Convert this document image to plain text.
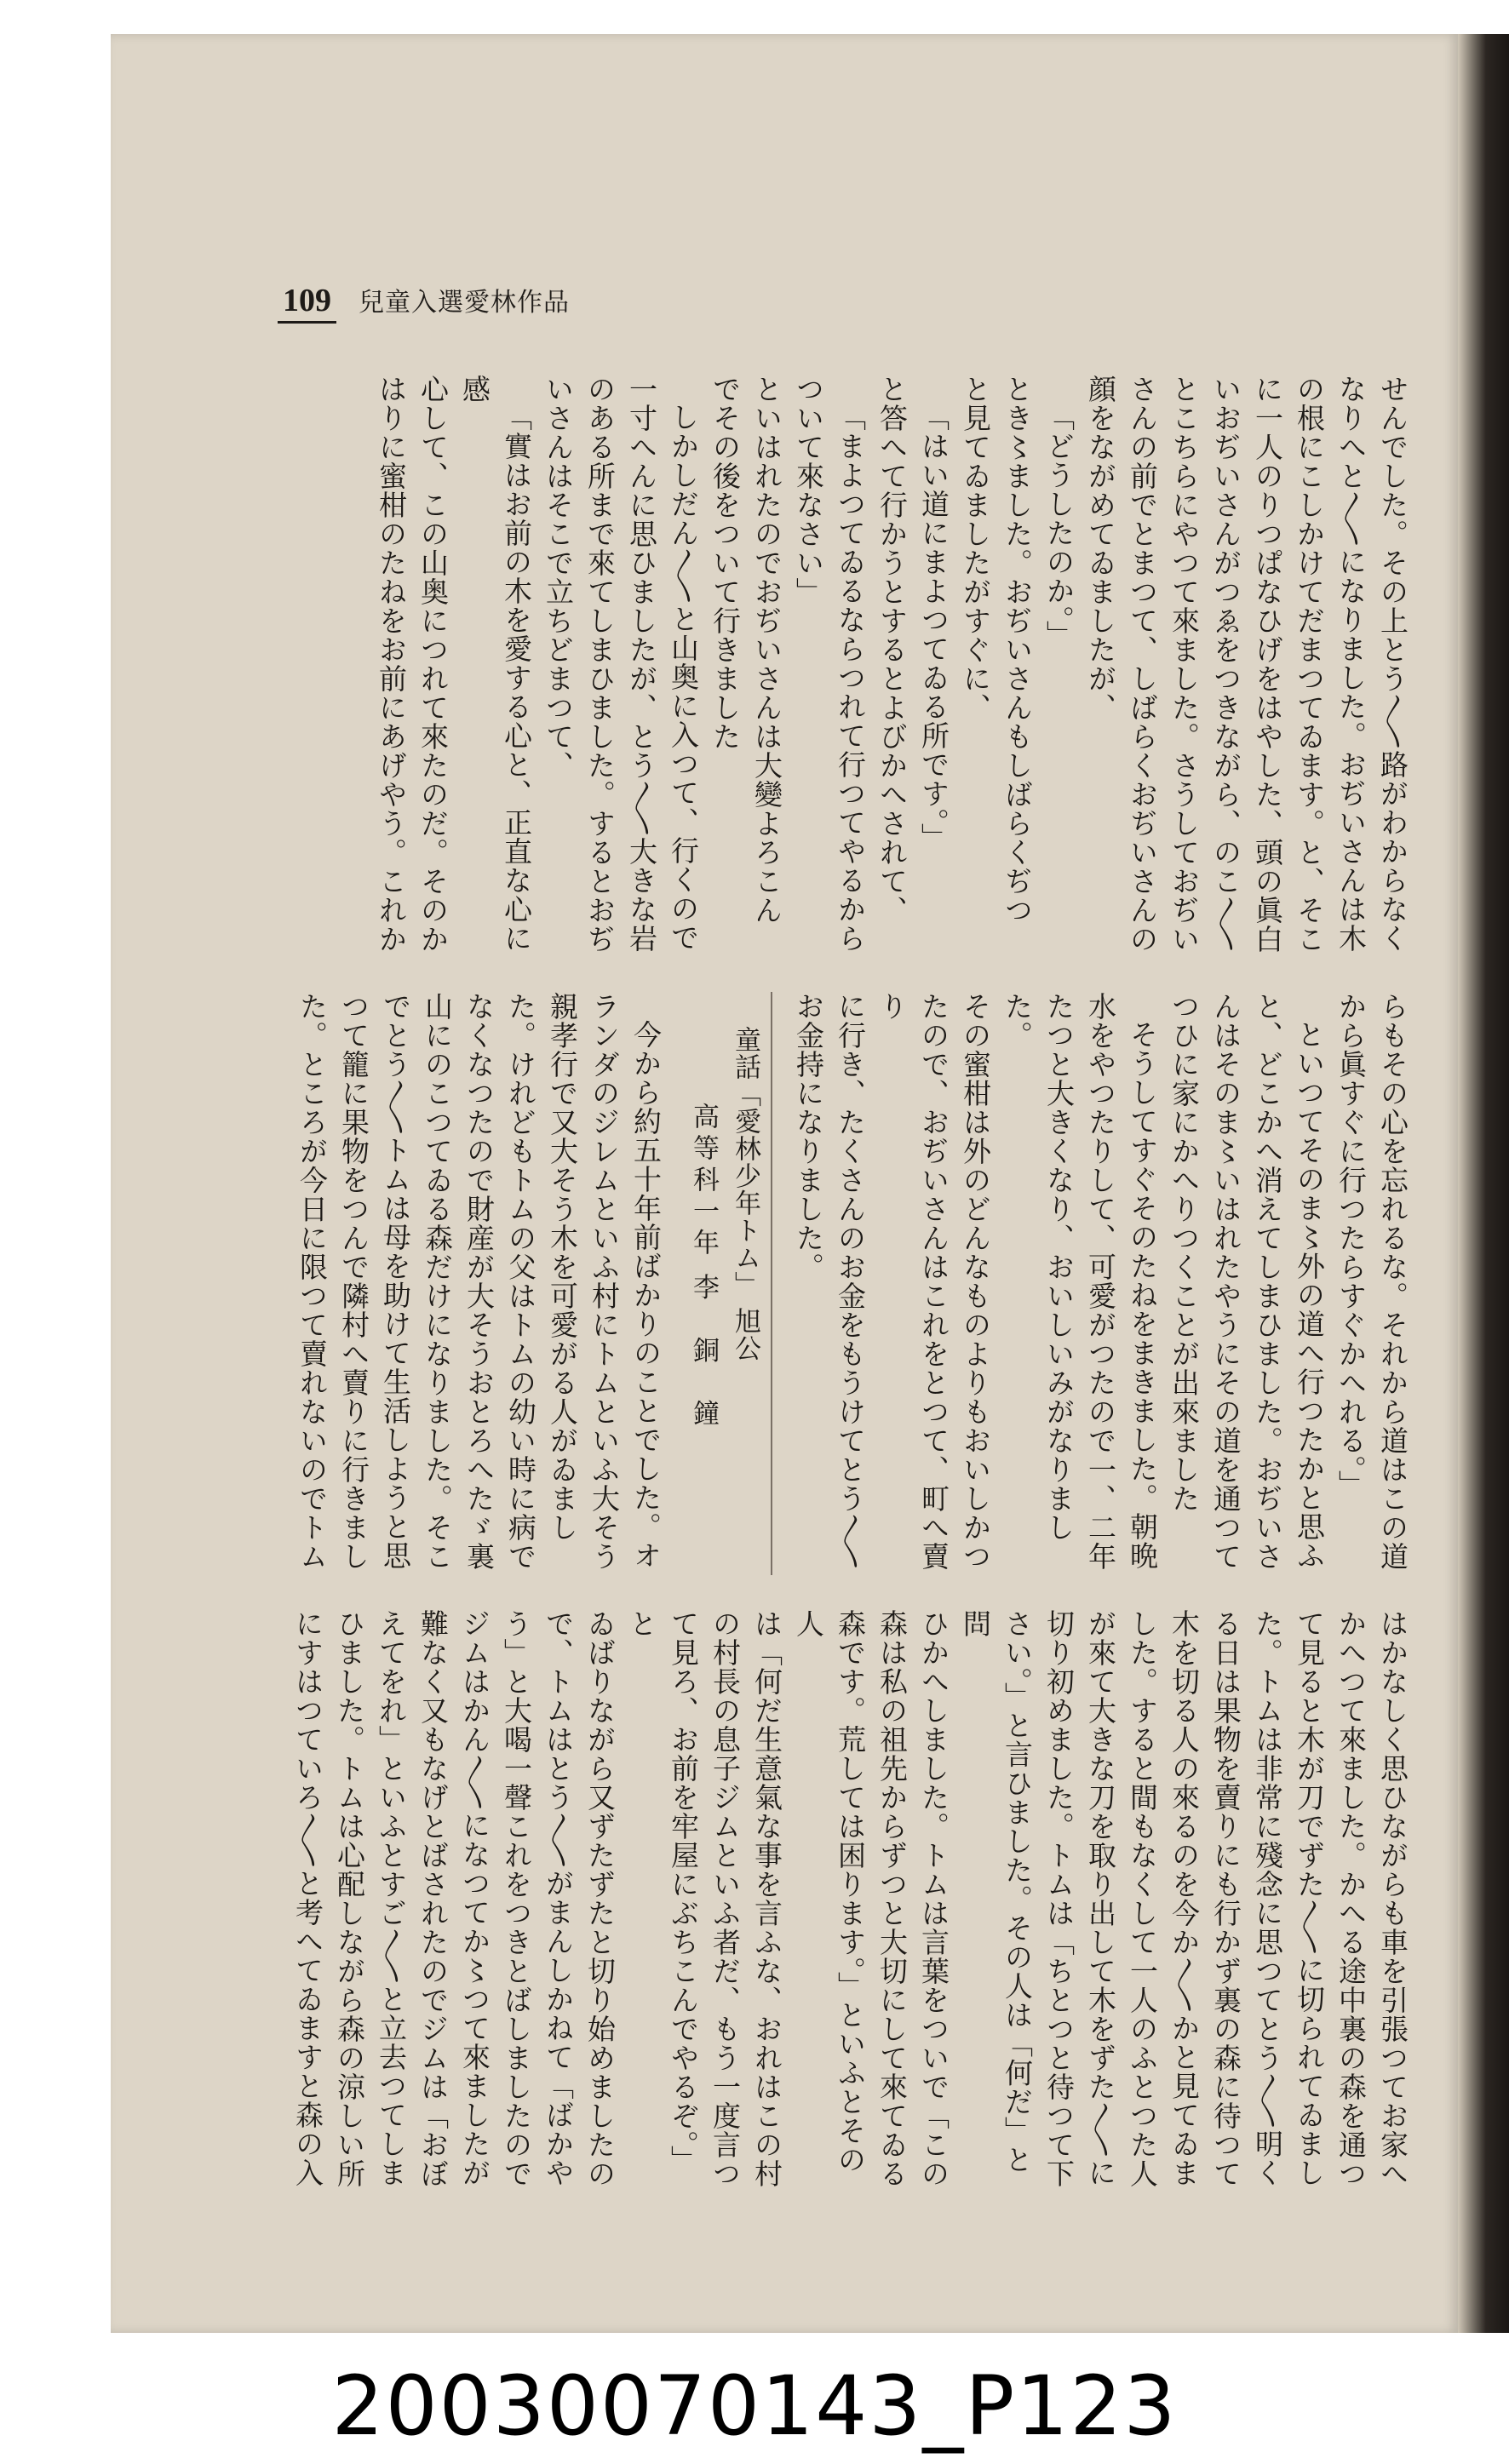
109 兒童入選愛林作品

せんでした。その上とう〳〵路がわからなく

なりへと〳〵になりました。おぢいさんは木

の根にこしかけてだまつてゐます。と、そこ

に一人のりつぱなひげをはやした、頭の眞白

いおぢいさんがつゑをつきながら、のこ〳〵

とこちらにやつて來ました。さうしておぢい

さんの前でとまつて、しばらくおぢいさんの

顔をながめてゐましたが、

「どうしたのか。」

とき〻ました。おぢいさんもしばらくぢつ

と見てゐましたがすぐに、

「はい道にまよつてゐる所です。」

と答へて行かうとするとよびかへされて、

「まよつてゐるならつれて行つてやるから

ついて來なさい」

といはれたのでおぢいさんは大變よろこん

でその後をついて行きました

しかしだん〳〵と山奥に入つて、行くので

一寸へんに思ひましたが、とう〳〵大きな岩

のある所まで來てしまひました。するとおぢ

いさんはそこで立ちどまつて、

「實はお前の木を愛する心と、正直な心に感

心して、この山奥につれて來たのだ。そのか

はりに蜜柑のたねをお前にあげやう。これか

らもその心を忘れるな。それから道はこの道

から眞すぐに行つたらすぐかへれる。」

といつてそのま〻外の道へ行つたかと思ふ

と、どこかへ消えてしまひました。おぢいさ

んはそのま〻いはれたやうにその道を通つて

つひに家にかへりつくことが出來ました

そうしてすぐそのたねをまきました。朝晩

水をやつたりして、可愛がつたので一、二年

たつと大きくなり、おいしいみがなりました。

その蜜柑は外のどんなものよりもおいしかつ

たので、おぢいさんはこれをとつて、町へ賣り

に行き、たくさんのお金をもうけてとう〳〵

お金持になりました。

童話「愛林少年トム」 旭公

高等科一年 李　銅　鐘

今から約五十年前ばかりのことでした。オ

ランダのジレムといふ村にトムといふ大そう

親孝行で又大そう木を可愛がる人がゐまし

た。けれどもトムの父はトムの幼い時に病で

なくなつたので財産が大そうおとろへたゞ裏

山にのこつてゐる森だけになりました。そこ

でとう〳〵トムは母を助けて生活しようと思

つて籠に果物をつんで隣村へ賣りに行きまし

た。ところが今日に限つて賣れないのでトム

はかなしく思ひながらも車を引張つてお家へ

かへつて來ました。かへる途中裏の森を通つ

て見ると木が刀でずた〳〵に切られてゐまし

た。トムは非常に殘念に思つてとう〳〵明く

る日は果物を賣りにも行かず裏の森に待つて

木を切る人の來るのを今か〳〵かと見てゐま

した。すると間もなくして一人のふとつた人

が來て大きな刀を取り出して木をずた〳〵に

切り初めました。トムは「ちとつと待つて下

さい。」と言ひました。その人は「何だ」と問

ひかへしました。トムは言葉をついで「この

森は私の祖先からずつと大切にして來てゐる

森です。荒しては困ります。」といふとその人

は「何だ生意氣な事を言ふな、おれはこの村

の村長の息子ジムといふ者だ、もう一度言つ

て見ろ、お前を牢屋にぶちこんでやるぞ。」と

ゐばりながら又ずたずたと切り始めましたの

で、トムはとう〳〵がまんしかねて「ばかや

う」と大喝一聲これをつきとばしましたので

ジムはかん〳〵になつてか〻つて來ましたが

難なく又もなげとばされたのでジムは「おぼ

えてをれ」といふとすご〳〵と立去つてしま

ひました。トムは心配しながら森の涼しい所

にすはつていろ〳〵と考へてゐますと森の入

20030070143_P123
